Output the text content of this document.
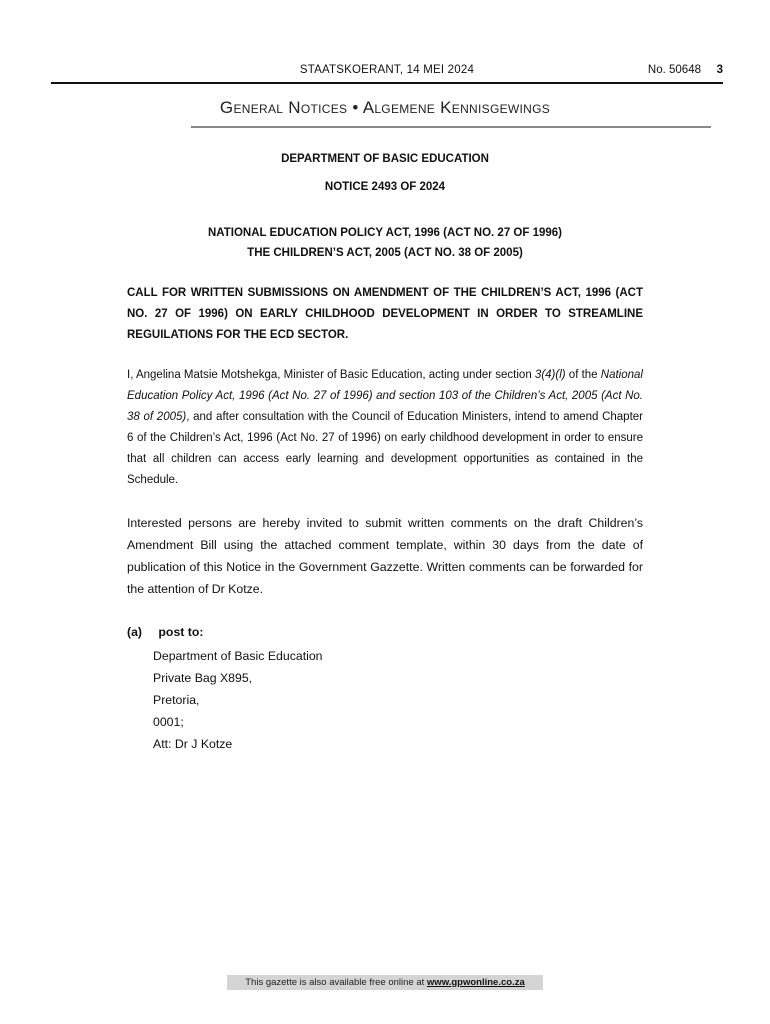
STAATSKOERANT, 14 MEI 2024	No. 50648 3
General Notices • Algemene Kennisgewings
DEPARTMENT OF BASIC EDUCATION
NOTICE 2493 OF 2024
NATIONAL EDUCATION POLICY ACT, 1996 (ACT NO. 27 OF 1996)
THE CHILDREN’S ACT, 2005 (ACT NO. 38 OF 2005)
CALL FOR WRITTEN SUBMISSIONS ON AMENDMENT OF THE CHILDREN’S ACT, 1996 (ACT NO. 27 OF 1996) ON EARLY CHILDHOOD DEVELOPMENT IN ORDER TO STREAMLINE REGUILATIONS FOR THE ECD SECTOR.
I, Angelina Matsie Motshekga, Minister of Basic Education, acting under section 3(4)(l) of the National Education Policy Act, 1996 (Act No. 27 of 1996) and section 103 of the Children’s Act, 2005 (Act No. 38 of 2005), and after consultation with the Council of Education Ministers, intend to amend Chapter 6 of the Children’s Act, 1996 (Act No. 27 of 1996) on early childhood development in order to ensure that all children can access early learning and development opportunities as contained in the Schedule.
Interested persons are hereby invited to submit written comments on the draft Children’s Amendment Bill using the attached comment template, within 30 days from the date of publication of this Notice in the Government Gazzette. Written comments can be forwarded for the attention of Dr Kotze.
(a) post to:
Department of Basic Education
Private Bag X895,
Pretoria,
0001;
Att: Dr J Kotze
This gazette is also available free online at www.gpwonline.co.za
